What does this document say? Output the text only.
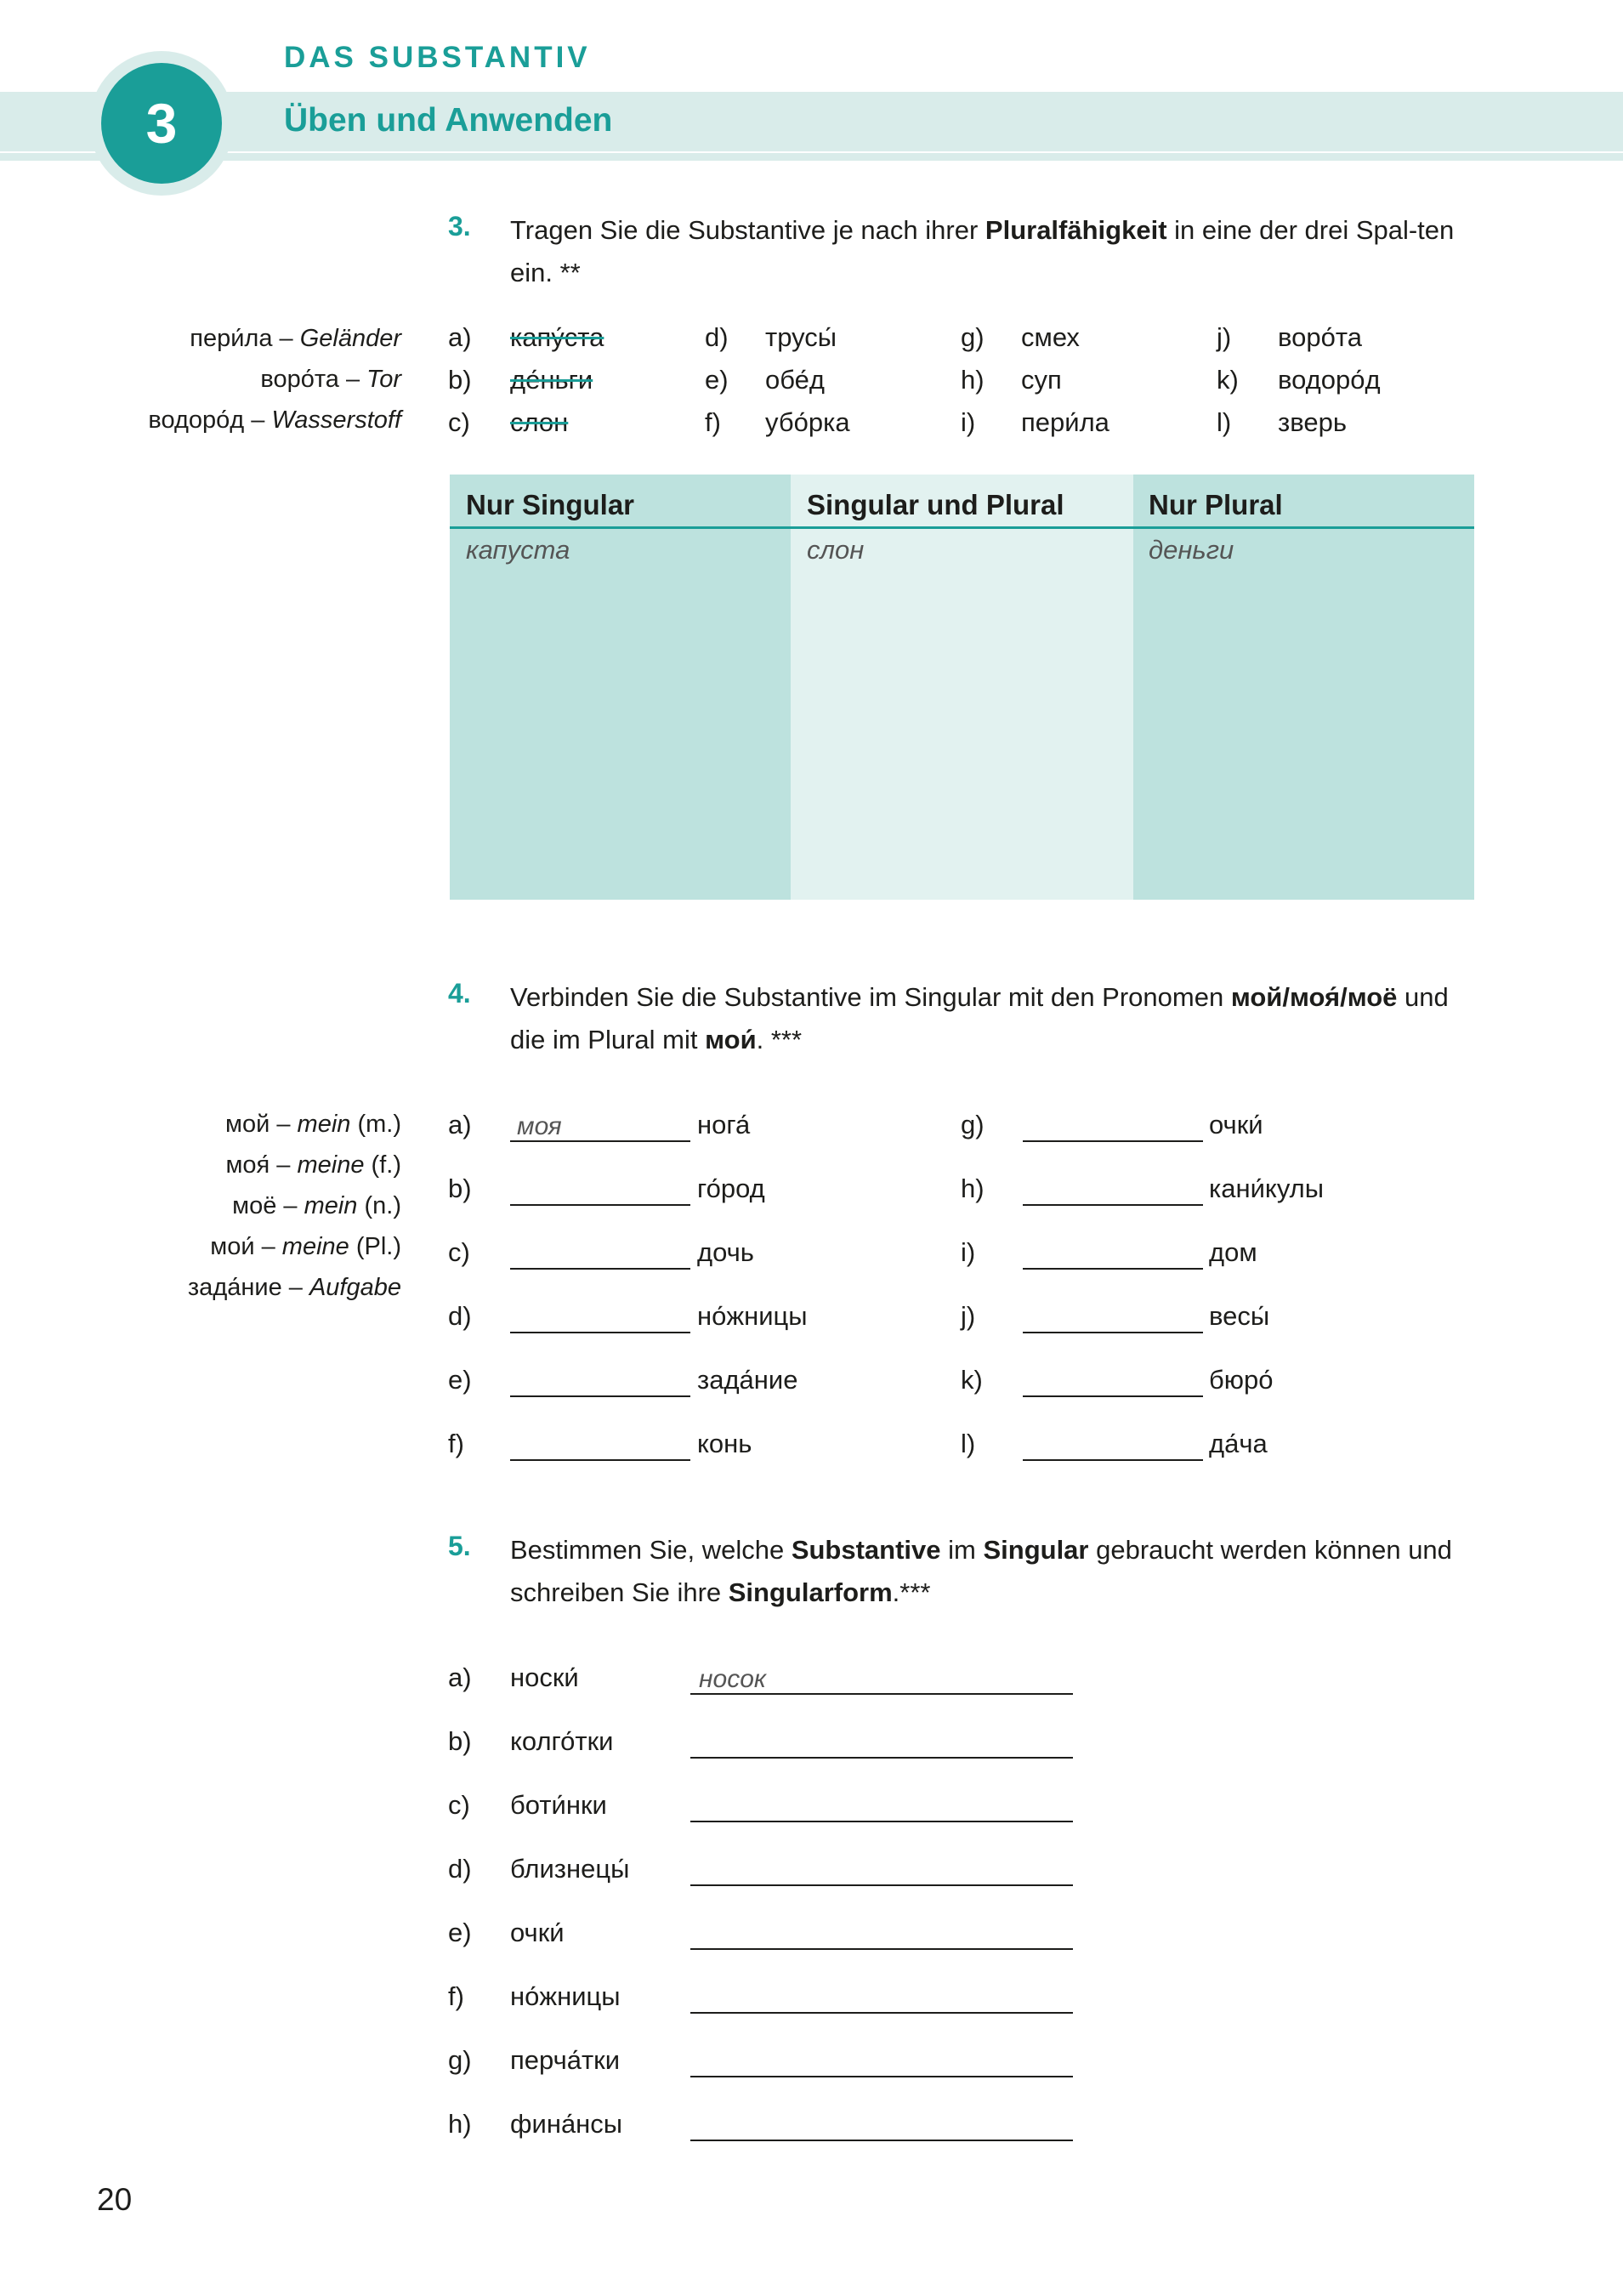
3
DAS SUBSTANTIV
Üben und Anwenden
3. Tragen Sie die Substantive je nach ihrer Pluralfähigkeit in eine der drei Spal-ten ein. **
пери́ла – Geländer
воро́та – Tor
водоро́д – Wasserstoff
a) капу́ста
b) де́ньги
c) слон
d) трусы́
e) обе́д
f) убо́рка
g) смех
h) суп
i) пери́ла
j) воро́та
k) водоро́д
l) зверь
Nur Singular	Singular und Plural	Nur Plural
капуста	слон	деньги
4. Verbinden Sie die Substantive im Singular mit den Pronomen мой/моя́/моё und die im Plural mit мои́. ***
мой – mein (m.)
моя́ – meine (f.)
моё – mein (n.)
мои́ – meine (Pl.)
зада́ние – Aufgabe
a) моя	нога́
b)	го́род
c)	дочь
d)	но́жницы
e)	зада́ние
f)	конь
g)	очки́
h)	кани́кулы
i)	дом
j)	весы́
k)	бюро́
l)	да́ча
5. Bestimmen Sie, welche Substantive im Singular gebraucht werden können und schreiben Sie ihre Singularform.***
a) носки́	носок
b) колго́тки
c) боти́нки
d) близнецы́
e) очки́
f) но́жницы
g) перча́тки
h) фина́нсы
20
